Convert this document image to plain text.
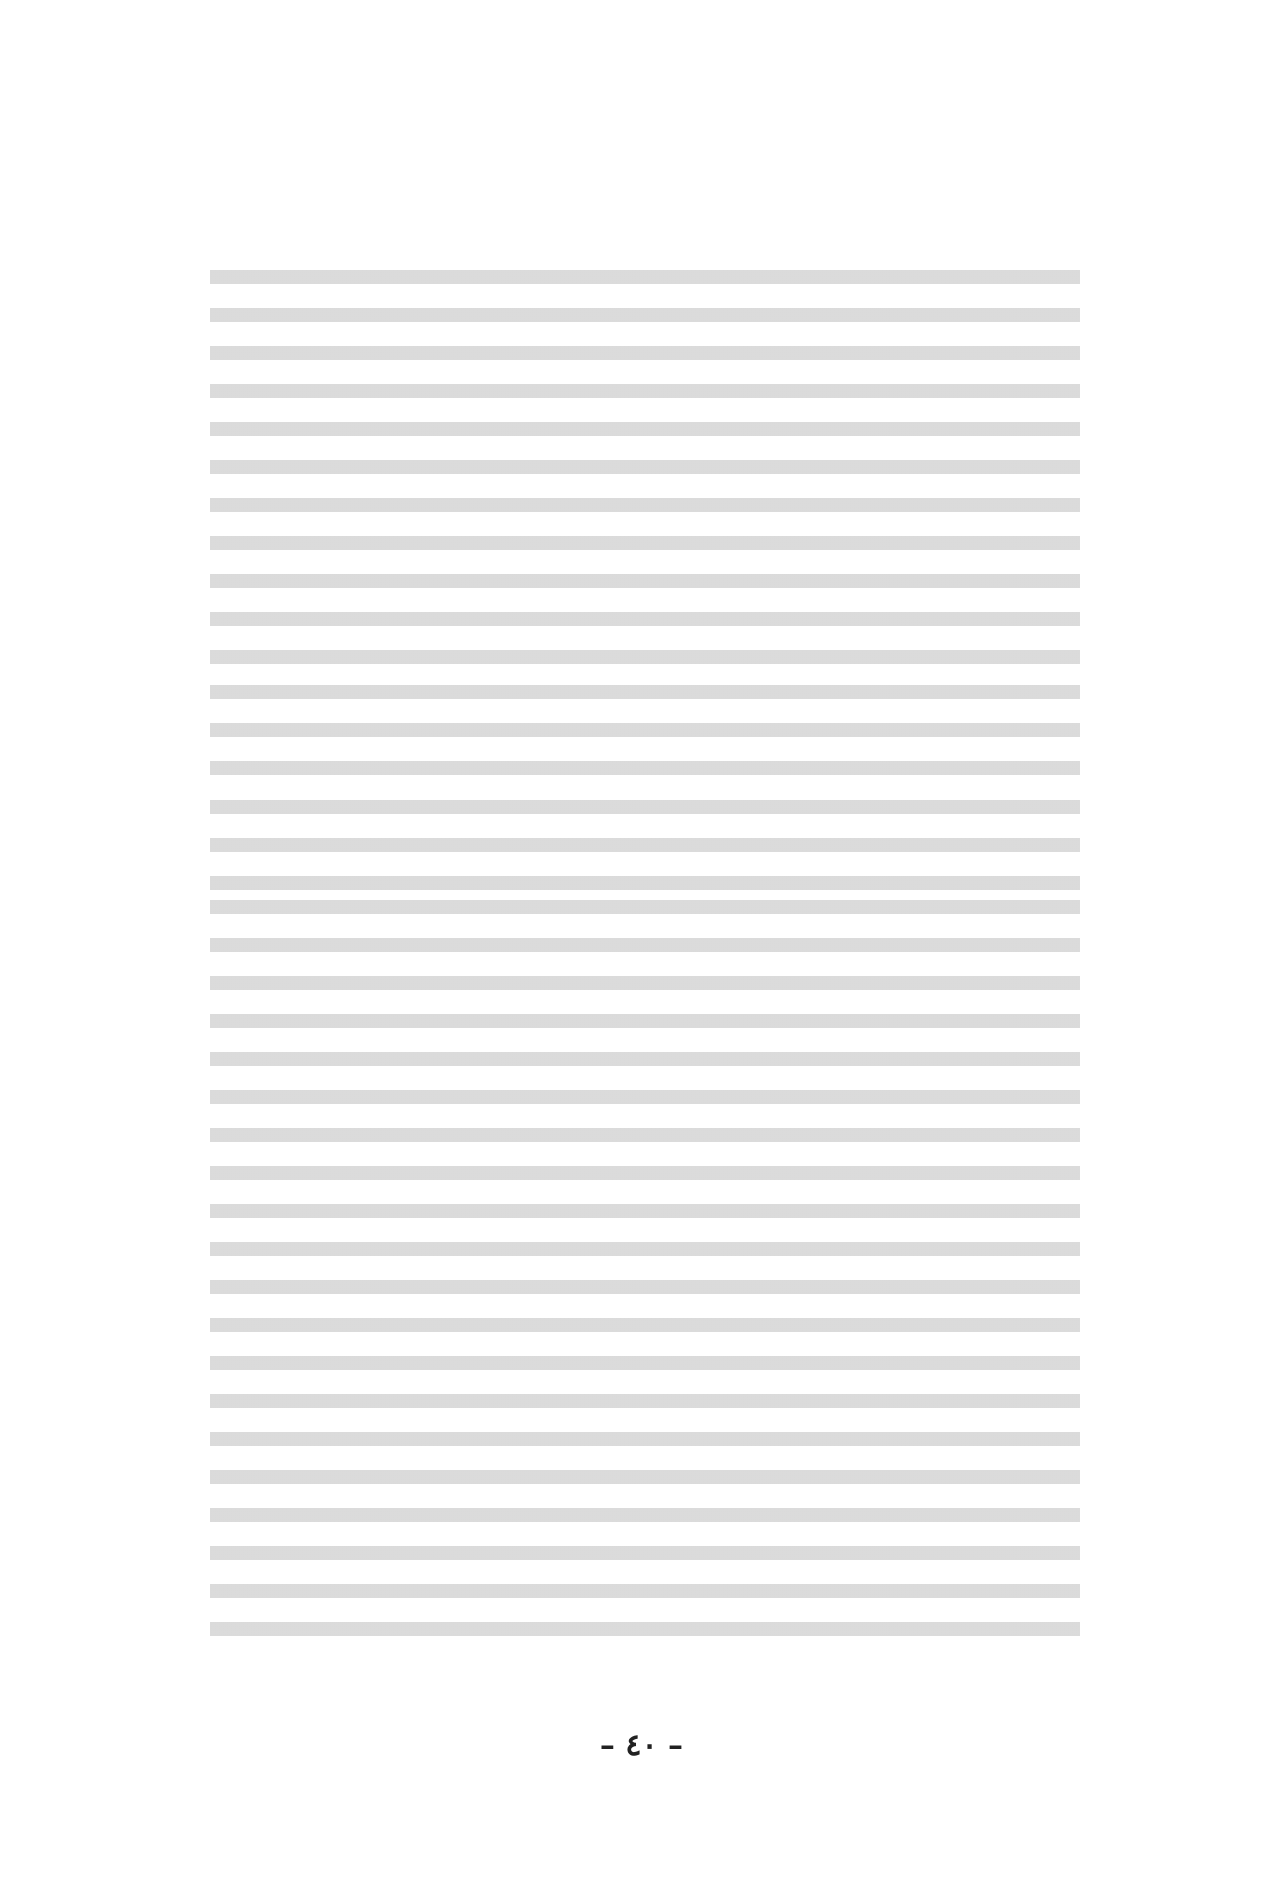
– ٤٠ –
